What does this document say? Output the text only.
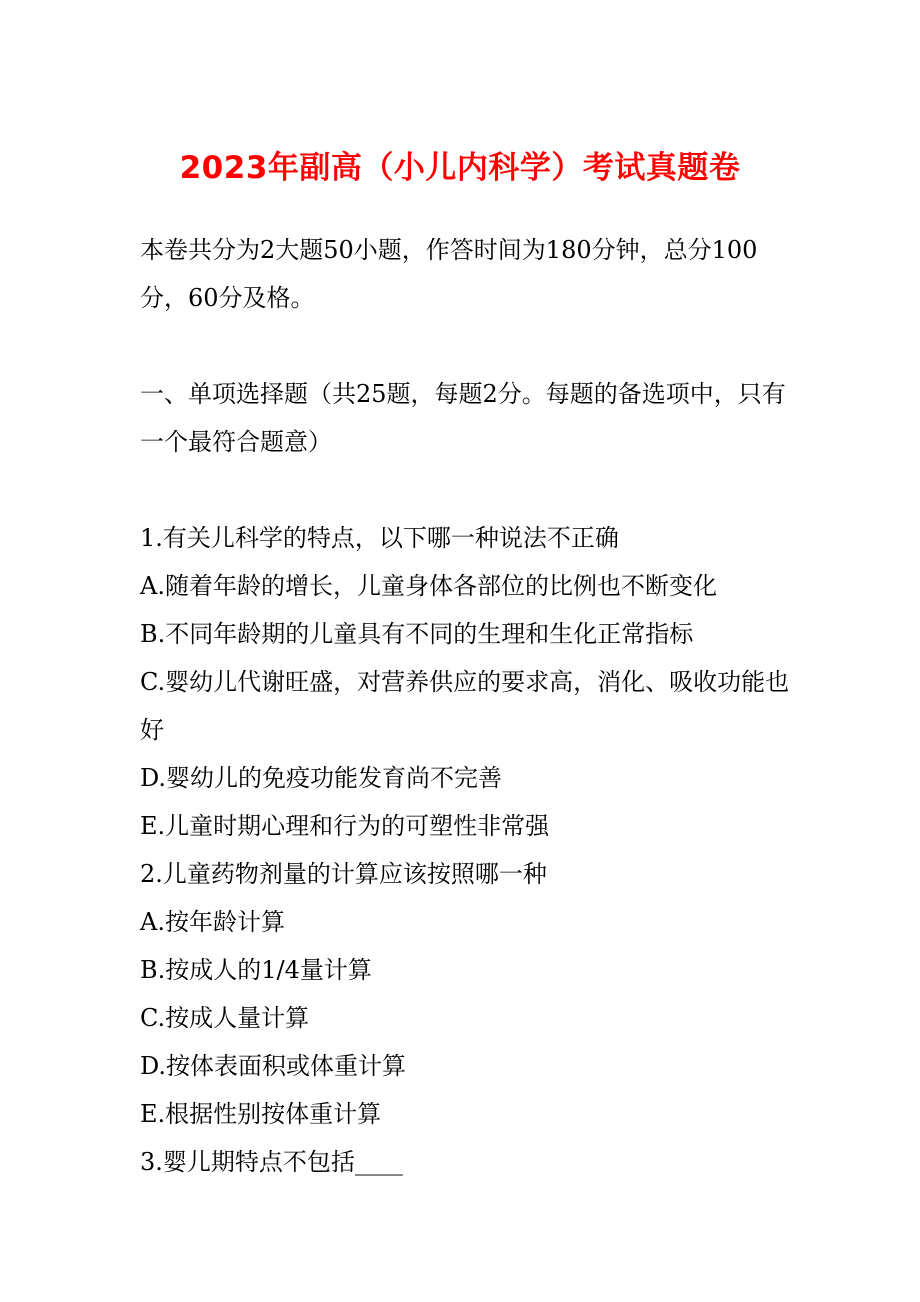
2023年副高（小儿内科学）考试真题卷

本卷共分为2大题50小题，作答时间为180分钟，总分100分，60分及格。

一、单项选择题（共25题，每题2分。每题的备选项中，只有一个最符合题意）

1.有关儿科学的特点，以下哪一种说法不正确

A.随着年龄的增长，儿童身体各部位的比例也不断变化

B.不同年龄期的儿童具有不同的生理和生化正常指标

C.婴幼儿代谢旺盛，对营养供应的要求高，消化、吸收功能也好

D.婴幼儿的免疫功能发育尚不完善

E.儿童时期心理和行为的可塑性非常强

2.儿童药物剂量的计算应该按照哪一种

A.按年龄计算

B.按成人的1/4量计算

C.按成人量计算

D.按体表面积或体重计算

E.根据性别按体重计算

3.婴儿期特点不包括____
